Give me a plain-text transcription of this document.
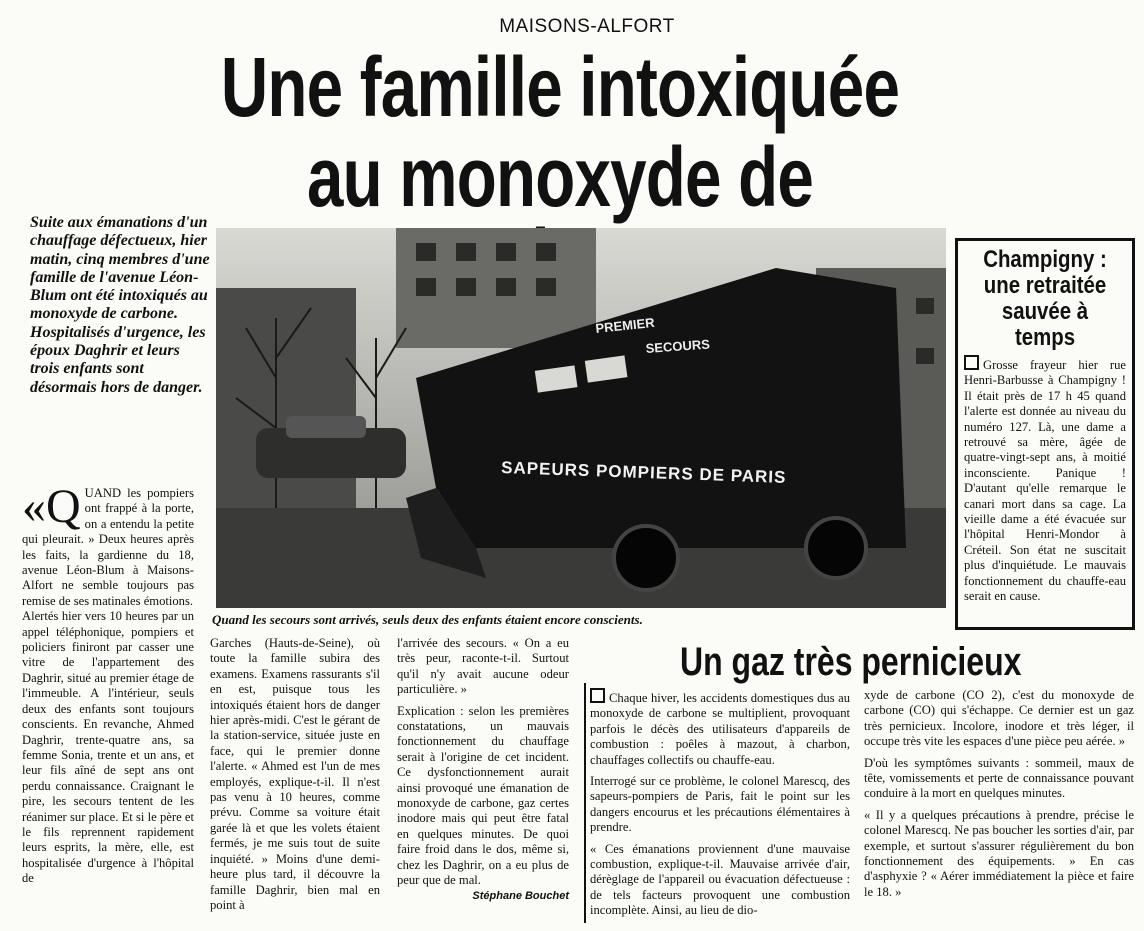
MAISONS-ALFORT
Une famille intoxiquée
au monoxyde de
Suite aux émanations d'un chauffage défectueux, hier matin, cinq membres d'une famille de l'avenue Léon-Blum ont été intoxiqués au monoxyde de carbone. Hospitalisés d'urgence, les époux Daghrir et leurs trois enfants sont désormais hors de danger.
PREMIER
SECOURS
SAPEURS POMPIERS DE PARIS
Quand les secours sont arrivés, seuls deux des enfants étaient encore conscients.

«QUAND les pompiers ont frappé à la porte, on a entendu la petite qui pleurait. » Deux heures après les faits, la gardienne du 18, avenue Léon-Blum à Maisons-Alfort ne semble toujours pas remise de ses matinales émotions.

Alertés hier vers 10 heures par un appel téléphonique, pompiers et policiers finiront par casser une vitre de l'appartement des Daghrir, situé au premier étage de l'immeuble. A l'intérieur, seuls deux des enfants sont toujours conscients. En revanche, Ahmed Daghrir, trente-quatre ans, sa femme Sonia, trente et un ans, et leur fils aîné de sept ans ont perdu connaissance. Craignant le pire, les secours tentent de les réanimer sur place. Et si le père et le fils reprennent rapidement leurs esprits, la mère, elle, est hospitalisée d'urgence à l'hôpital de

Garches (Hauts-de-Seine), où toute la famille subira des examens. Examens rassurants s'il en est, puisque tous les intoxiqués étaient hors de danger hier après-midi. C'est le gérant de la station-service, située juste en face, qui le premier donne l'alerte. « Ahmed est l'un de mes employés, explique-t-il. Il n'est pas venu à 10 heures, comme prévu. Comme sa voiture était garée là et que les volets étaient fermés, je me suis tout de suite inquiété. » Moins d'une demi-heure plus tard, il découvre la famille Daghrir, bien mal en point à

l'arrivée des secours. « On a eu très peur, raconte-t-il. Surtout qu'il n'y avait aucune odeur particulière. »

Explication : selon les premières constatations, un mauvais fonctionnement du chauffage serait à l'origine de cet incident. Ce dysfonctionnement aurait ainsi provoqué une émanation de monoxyde de carbone, gaz certes inodore mais qui peut être fatal en quelques minutes. De quoi faire froid dans le dos, même si, chez les Daghrir, on a eu plus de peur que de mal.

Stéphane Bouchet
Champigny : une retraitée sauvée à temps
Grosse frayeur hier rue Henri-Barbusse à Champigny ! Il était près de 17 h 45 quand l'alerte est donnée au niveau du numéro 127. Là, une dame a retrouvé sa mère, âgée de quatre-vingt-sept ans, à moitié inconsciente. Panique ! D'autant qu'elle remarque le canari mort dans sa cage. La vieille dame a été évacuée sur l'hôpital Henri-Mondor à Créteil. Son état ne suscitait plus d'inquiétude. Le mauvais fonctionnement du chauffe-eau serait en cause.
Un gaz très pernicieux

Chaque hiver, les accidents domestiques dus au monoxyde de carbone se multiplient, provoquant parfois le décès des utilisateurs d'appareils de combustion : poêles à mazout, à charbon, chauffages collectifs ou chauffe-eau.

Interrogé sur ce problème, le colonel Marescq, des sapeurs-pompiers de Paris, fait le point sur les dangers encourus et les précautions élémentaires à prendre.

« Ces émanations proviennent d'une mauvaise combustion, explique-t-il. Mauvaise arrivée d'air, dérèglage de l'appareil ou évacuation défectueuse : de tels facteurs provoquent une combustion incomplète. Ainsi, au lieu de dio-

xyde de carbone (CO 2), c'est du monoxyde de carbone (CO) qui s'échappe. Ce dernier est un gaz très pernicieux. Incolore, inodore et très léger, il occupe très vite les espaces d'une pièce peu aérée. »

D'où les symptômes suivants : sommeil, maux de tête, vomissements et perte de connaissance pouvant conduire à la mort en quelques minutes.

« Il y a quelques précautions à prendre, précise le colonel Marescq. Ne pas boucher les sorties d'air, par exemple, et surtout s'assurer régulièrement du bon fonctionnement des équipements. » En cas d'asphyxie ? « Aérer immédiatement la pièce et faire le 18. »
